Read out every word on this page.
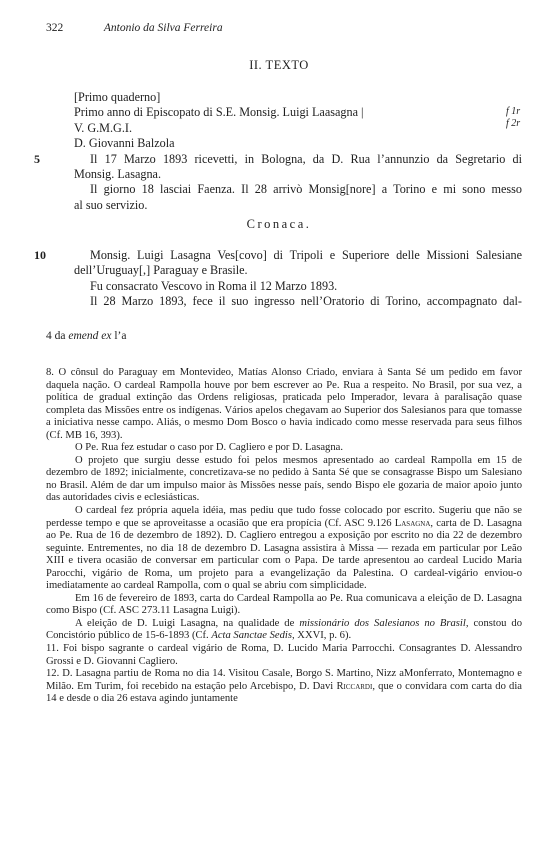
322	Antonio da Silva Ferreira
II. TEXTO
[Primo quaderno]
Primo anno di Episcopato di S.E. Monsig. Luigi Laasagna |
V. G.M.G.I.
D. Giovanni Balzola
Il 17 Marzo 1893 ricevetti, in Bologna, da D. Rua l’annunzio da Segretario di
Monsig. Lasagna.
Il giorno 18 lasciai Faenza. Il 28 arrivò Monsig[nore] a Torino e mi sono messo
al suo servizio.
f 1r
f 2r
5
Cronaca.
10	Monsig. Luigi Lasagna Ves[covo] di Tripoli e Superiore delle Missioni Salesiane
dell’Uruguay[,] Paraguay e Brasile.
Fu consacrato Vescovo in Roma il 12 Marzo 1893.
Il 28 Marzo 1893, fece il suo ingresso nell’Oratorio di Torino, accompagnato dal-
4 da emend ex l’a

8. O cônsul do Paraguay em Montevideo, Matías Alonso Criado, enviara à Santa Sé um pedido em favor daquela nação. O cardeal Rampolla houve por bem escrever ao Pe. Rua a respeito. No Brasil, por sua vez, a política de gradual extinção das Ordens religiosas, praticada pelo Imperador, levara à paralisação quase completa das Missões entre os indígenas. Vários apelos chegavam ao Superior dos Salesianos para que tomasse a iniciativa nesse campo. Aliás, o mesmo Dom Bosco o havia indicado como messe reservada para seus filhos (Cf. MB 16, 393).

O Pe. Rua fez estudar o caso por D. Cagliero e por D. Lasagna.

O projeto que surgiu desse estudo foi pelos mesmos apresentado ao cardeal Rampolla em 15 de dezembro de 1892; inicialmente, concretizava-se no pedido à Santa Sé que se consagrasse Bispo um Salesiano no Brasil. Além de dar um impulso maior às Missões nesse país, sendo Bispo ele gozaria de maior apoio junto das autoridades civis e eclesiásticas.

O cardeal fez própria aquela idéia, mas pediu que tudo fosse colocado por escrito. Sugeriu que não se perdesse tempo e que se aproveitasse a ocasião que era propícia (Cf. ASC 9.126 Lasagna, carta de D. Lasagna ao Pe. Rua de 16 de dezembro de 1892). D. Cagliero entregou a exposição por escrito no dia 22 de dezembro seguinte. Entrementes, no dia 18 de dezembro D. Lasagna assistira à Missa — rezada em particular por Leão XIII e tivera ocasião de conversar em particular com o Papa. De tarde apresentou ao cardeal Lucido Maria Parocchi, vigário de Roma, um projeto para a evangelização da Palestina. O cardeal-vigário enviou-o imediatamente ao cardeal Rampolla, com o qual se abriu com simplicidade.

Em 16 de fevereiro de 1893, carta do Cardeal Rampolla ao Pe. Rua comunicava a eleição de D. Lasagna como Bispo (Cf. ASC 273.11 Lasagna Luigi).

A eleição de D. Luigi Lasagna, na qualidade de missionário dos Salesianos no Brasil, constou do Concistório público de 15-6-1893 (Cf. Acta Sanctae Sedis, XXVI, p. 6).

11. Foi bispo sagrante o cardeal vigário de Roma, D. Lucido Maria Parrocchi. Consagrantes D. Alessandro Grossi e D. Giovanni Cagliero.

12. D. Lasagna partiu de Roma no dia 14. Visitou Casale, Borgo S. Martino, Nizz aMonferrato, Montemagno e Milão. Em Turim, foi recebido na estação pelo Arcebispo, D. Davi Riccardi, que o convidara com carta do dia 14 e desde o dia 26 estava agindo juntamente
